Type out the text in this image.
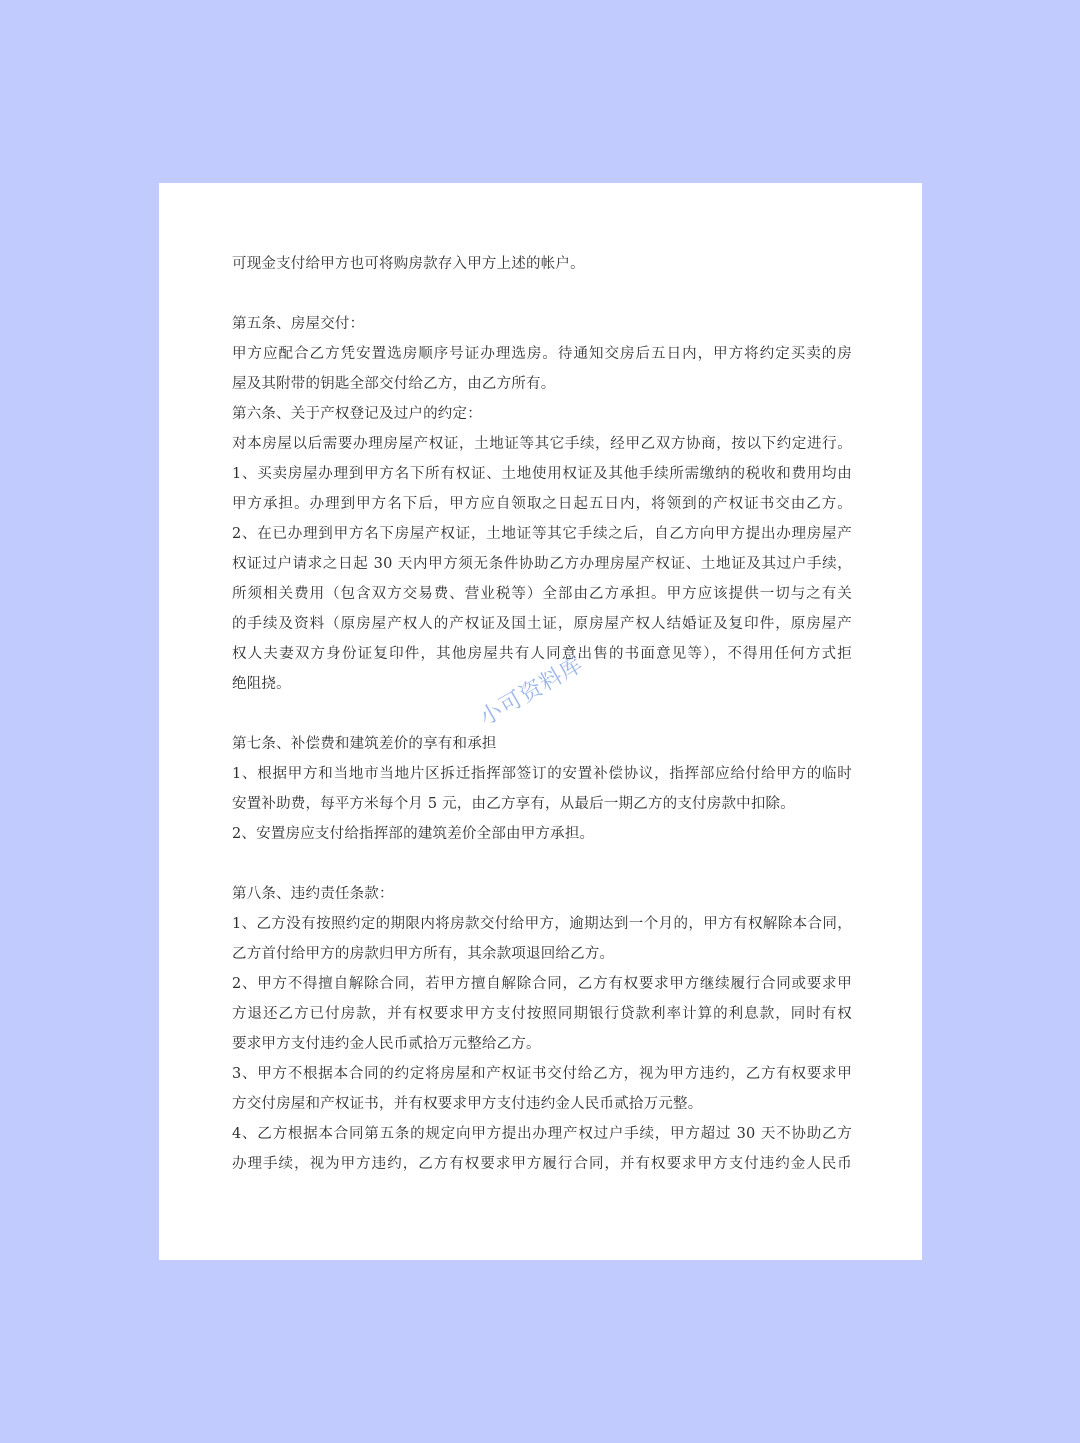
可现金支付给甲方也可将购房款存入甲方上述的帐户。
第五条、房屋交付：
甲方应配合乙方凭安置选房顺序号证办理选房。待通知交房后五日内，甲方将约定买卖的房
屋及其附带的钥匙全部交付给乙方，由乙方所有。
第六条、关于产权登记及过户的约定：
对本房屋以后需要办理房屋产权证，土地证等其它手续，经甲乙双方协商，按以下约定进行。
1、买卖房屋办理到甲方名下所有权证、土地使用权证及其他手续所需缴纳的税收和费用均由
甲方承担。办理到甲方名下后，甲方应自领取之日起五日内，将领到的产权证书交由乙方。
2、在已办理到甲方名下房屋产权证，土地证等其它手续之后，自乙方向甲方提出办理房屋产
权证过户请求之日起 30 天内甲方须无条件协助乙方办理房屋产权证、土地证及其过户手续，
所须相关费用（包含双方交易费、营业税等）全部由乙方承担。甲方应该提供一切与之有关
的手续及资料（原房屋产权人的产权证及国土证，原房屋产权人结婚证及复印件，原房屋产
权人夫妻双方身份证复印件，其他房屋共有人同意出售的书面意见等），不得用任何方式拒
绝阻挠。
第七条、补偿费和建筑差价的享有和承担
1、根据甲方和当地市当地片区拆迁指挥部签订的安置补偿协议，指挥部应给付给甲方的临时
安置补助费，每平方米每个月 5 元，由乙方享有，从最后一期乙方的支付房款中扣除。
2、安置房应支付给指挥部的建筑差价全部由甲方承担。
第八条、违约责任条款：
1、乙方没有按照约定的期限内将房款交付给甲方，逾期达到一个月的，甲方有权解除本合同，
乙方首付给甲方的房款归甲方所有，其余款项退回给乙方。
2、甲方不得擅自解除合同，若甲方擅自解除合同，乙方有权要求甲方继续履行合同或要求甲
方退还乙方已付房款，并有权要求甲方支付按照同期银行贷款利率计算的利息款，同时有权
要求甲方支付违约金人民币贰拾万元整给乙方。
3、甲方不根据本合同的约定将房屋和产权证书交付给乙方，视为甲方违约，乙方有权要求甲
方交付房屋和产权证书，并有权要求甲方支付违约金人民币贰拾万元整。
4、乙方根据本合同第五条的规定向甲方提出办理产权过户手续，甲方超过 30 天不协助乙方
办理手续，视为甲方违约，乙方有权要求甲方履行合同，并有权要求甲方支付违约金人民币
小可资料库
